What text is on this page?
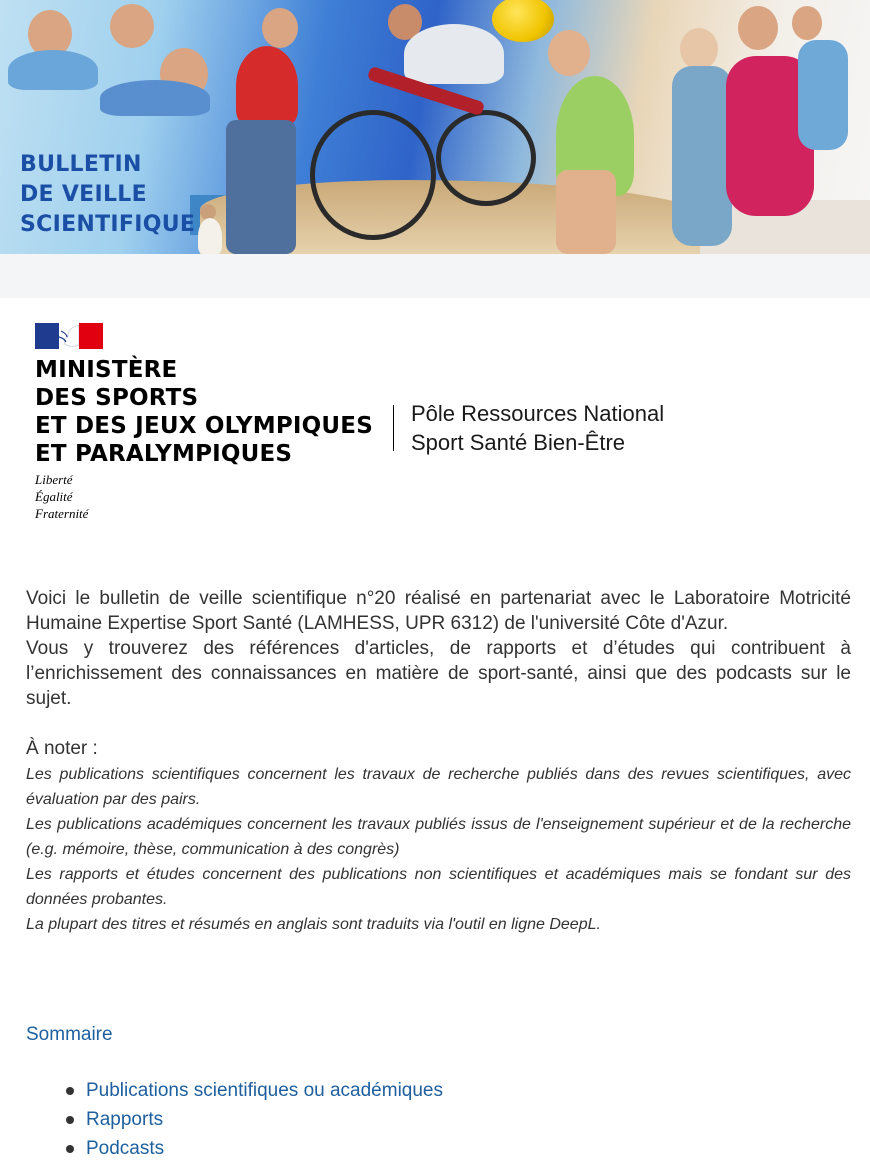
BULLETIN
DE VEILLE
SCIENTIFIQUE
MINISTÈRE
DES SPORTS
ET DES JEUX OLYMPIQUES
ET PARALYMPIQUES
Liberté
Égalité
Fraternité
Pôle Ressources National
Sport Santé Bien-Être

Voici le bulletin de veille scientifique n°20 réalisé en partenariat avec le Laboratoire Motricité Humaine Expertise Sport Santé (LAMHESS, UPR 6312) de l'université Côte d'Azur.

Vous y trouverez des références d'articles, de rapports et d’études qui contribuent à l’enrichissement des connaissances en matière de sport-santé, ainsi que des podcasts sur le sujet.

À noter :

Les publications scientifiques concernent les travaux de recherche publiés dans des revues scientifiques, avec évaluation par des pairs.

Les publications académiques concernent les travaux publiés issus de l'enseignement supérieur et de la recherche (e.g. mémoire, thèse, communication à des congrès)

Les rapports et études concernent des publications non scientifiques et académiques mais se fondant sur des données probantes.

La plupart des titres et résumés en anglais sont traduits via l'outil en ligne DeepL.

Sommaire
Publications scientifiques ou académiques
Rapports
Podcasts
